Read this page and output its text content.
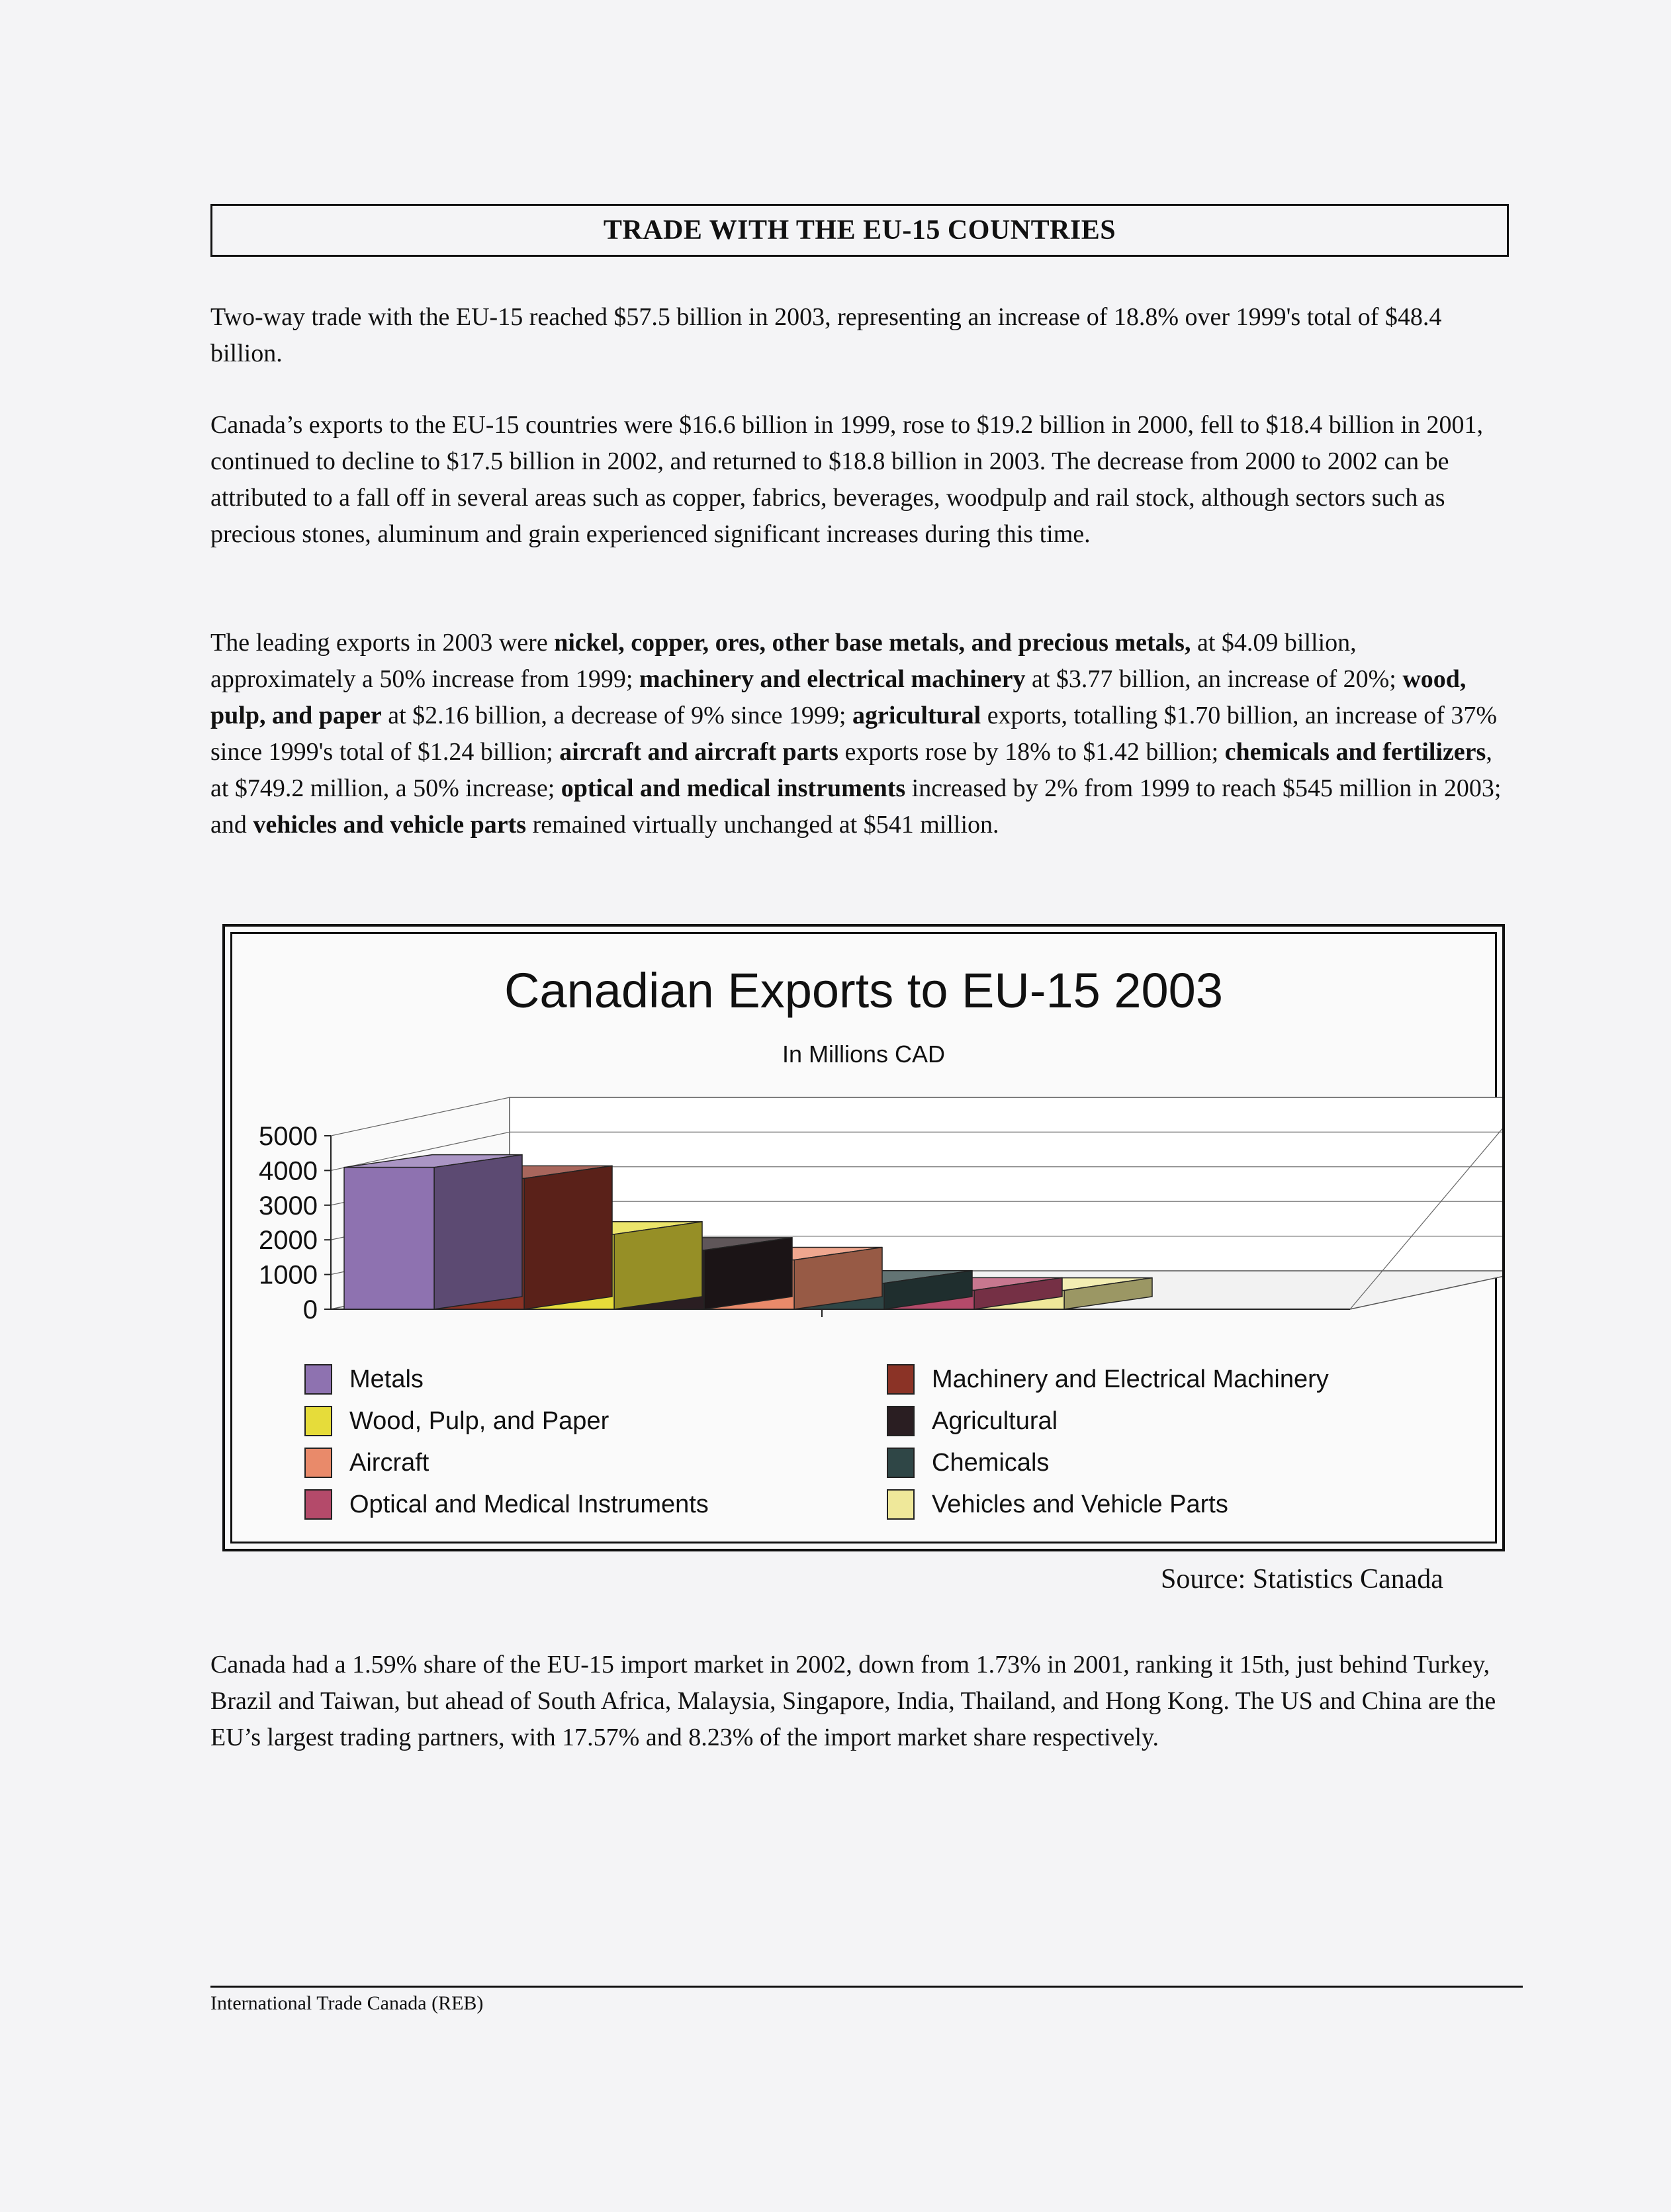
TRADE WITH THE EU-15 COUNTRIES
Two-way trade with the EU-15 reached $57.5 billion in 2003, representing an increase of 18.8% over 1999's total of $48.4 billion.
Canada’s exports to the EU-15 countries were $16.6 billion in 1999, rose to $19.2 billion in 2000, fell to $18.4 billion in 2001, continued to decline to $17.5 billion in 2002, and returned to $18.8 billion in 2003. The decrease from 2000 to 2002 can be attributed to a fall off in several areas such as copper, fabrics, beverages, woodpulp and rail stock, although sectors such as precious stones, aluminum and grain experienced significant increases during this time.
The leading exports in 2003 were nickel, copper, ores, other base metals, and precious metals, at $4.09 billion, approximately a 50% increase from 1999; machinery and electrical machinery at $3.77 billion, an increase of 20%; wood, pulp, and paper at $2.16 billion, a decrease of 9% since 1999; agricultural exports, totalling $1.70 billion, an increase of 37% since 1999's total of $1.24 billion; aircraft and aircraft parts exports rose by 18% to $1.42 billion; chemicals and fertilizers, at $749.2 million, a 50% increase; optical and medical instruments increased by 2% from 1999 to reach $545 million in 2003; and vehicles and vehicle parts remained virtually unchanged at $541 million.
Canadian Exports to EU-15 2003
In Millions CAD
0
1000
2000
3000
4000
5000
Metals	Machinery and Electrical Machinery
Wood, Pulp, and Paper	Agricultural
Aircraft	Chemicals
Optical and Medical Instruments	Vehicles and Vehicle Parts
Source: Statistics Canada
Canada had a 1.59% share of the EU-15 import market in 2002, down from 1.73% in 2001, ranking it 15th, just behind Turkey, Brazil and Taiwan, but ahead of South Africa, Malaysia, Singapore, India, Thailand, and Hong Kong. The US and China are the EU’s largest trading partners, with 17.57% and 8.23% of the import market share respectively.
International Trade Canada (REB)
